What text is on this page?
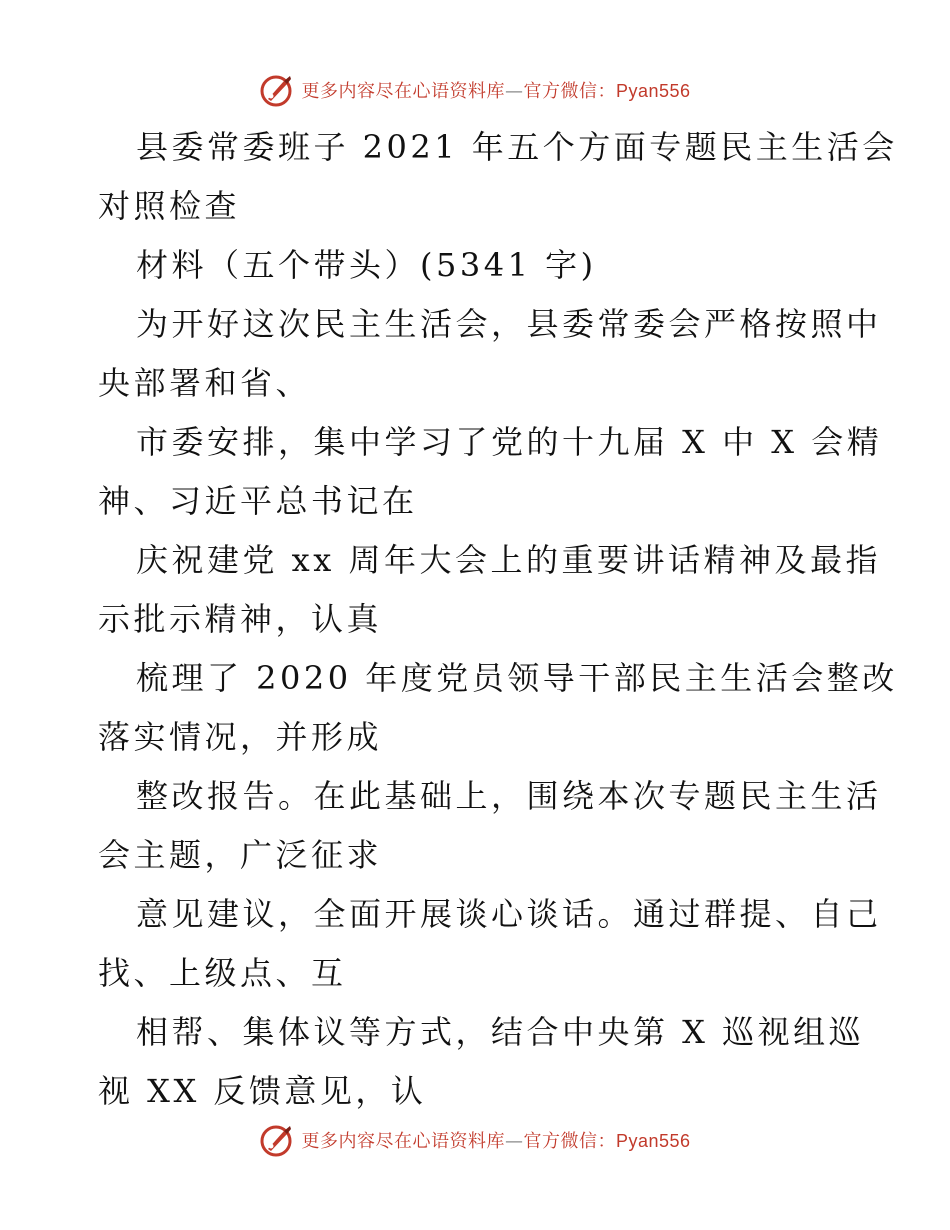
更多内容尽在心语资料库—官方微信：Pyan556
县委常委班子 2021 年五个方面专题民主生活会
对照检查
材料（五个带头）(5341 字)
为开好这次民主生活会，县委常委会严格按照中
央部署和省、
市委安排，集中学习了党的十九届 X 中 X 会精
神、习近平总书记在
庆祝建党 xx 周年大会上的重要讲话精神及最指
示批示精神，认真
梳理了 2020 年度党员领导干部民主生活会整改
落实情况，并形成
整改报告。在此基础上，围绕本次专题民主生活
会主题，广泛征求
意见建议，全面开展谈心谈话。通过群提、自己
找、上级点、互
相帮、集体议等方式，结合中央第 X 巡视组巡
视 XX 反馈意见，认
更多内容尽在心语资料库—官方微信：Pyan556
